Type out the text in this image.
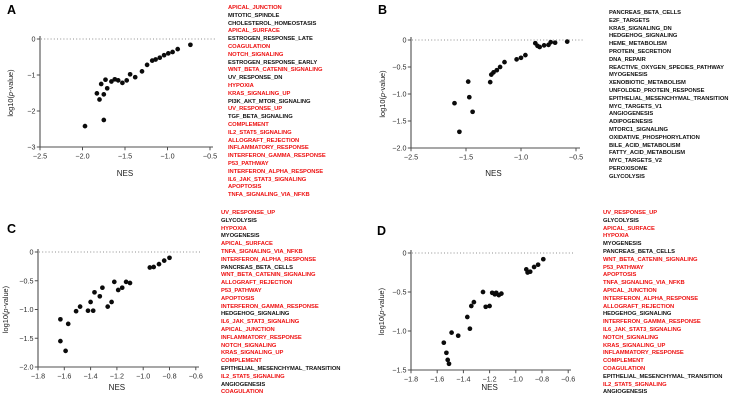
A
−2.5	−2.0	−1.5	−1.0	−0.5
0
−1
−2
−3
NES
log10(p-value)
APICAL_JUNCTION
MITOTIC_SPINDLE
CHOLESTEROL_HOMEOSTASIS
APICAL_SURFACE
ESTROGEN_RESPONSE_LATE
COAGULATION
NOTCH_SIGNALING
ESTROGEN_RESPONSE_EARLY
WNT_BETA_CATENIN_SIGNALING
UV_RESPONSE_DN
HYPOXIA
KRAS_SIGNALING_UP
PI3K_AKT_MTOR_SIGNALING
UV_RESPONSE_UP
TGF_BETA_SIGNALING
COMPLEMENT
IL2_STAT5_SIGNALING
ALLOGRAFT_REJECTION
INFLAMMATORY_RESPONSE
INTERFERON_GAMMA_RESPONSE
P53_PATHWAY
INTERFERON_ALPHA_RESPONSE
IL6_JAK_STAT3_SIGNALING
APOPTOSIS
TNFA_SIGNALING_VIA_NFKB
B
−2.5	−1.5	−1.0	−0.5
0
−0.5
−1.0
−1.5
−2.0
NES
log10(p-value)
PANCREAS_BETA_CELLS
E2F_TARGETS
KRAS_SIGNALING_DN
HEDGEHOG_SIGNALING
HEME_METABOLISM
PROTEIN_SECRETION
DNA_REPAIR
REACTIVE_OXYGEN_SPECIES_PATHWAY
MYOGENESIS
XENOBIOTIC_METABOLISM
UNFOLDED_PROTEIN_RESPONSE
EPITHELIAL_MESENCHYMAL_TRANSITION
MYC_TARGETS_V1
ANGIOGENESIS
ADIPOGENESIS
MTORC1_SIGNALING
OXIDATIVE_PHOSPHORYLATION
BILE_ACID_METABOLISM
FATTY_ACID_METABOLISM
MYC_TARGETS_V2
PEROXISOME
GLYCOLYSIS
C
−1.8 −1.6 −1.4 −1.2 −1.0 −0.8 −0.6
0
−0.5
−1.0
−1.5
−2.0
NES
log10(p-value)
UV_RESPONSE_UP
GLYCOLYSIS
HYPOXIA
MYOGENESIS
APICAL_SURFACE
TNFA_SIGNALING_VIA_NFKB
INTERFERON_ALPHA_RESPONSE
PANCREAS_BETA_CELLS
WNT_BETA_CATENIN_SIGNALING
ALLOGRAFT_REJECTION
P53_PATHWAY
APOPTOSIS
INTERFERON_GAMMA_RESPONSE
HEDGEHOG_SIGNALING
IL6_JAK_STAT3_SIGNALING
APICAL_JUNCTION
INFLAMMATORY_RESPONSE
NOTCH_SIGNALING
KRAS_SIGNALING_UP
COMPLEMENT
EPITHELIAL_MESENCHYMAL_TRANSITION
IL2_STAT5_SIGNALING
ANGIOGENESIS
COAGULATION
D
−1.8 −1.6 −1.4 −1.2 −1.0 −0.8 −0.6
0
−0.5
−1.0
−1.5
NES
log10(p-value)
UV_RESPONSE_UP
GLYCOLYSIS
APICAL_SURFACE
HYPOXIA
MYOGENESIS
PANCREAS_BETA_CELLS
WNT_BETA_CATENIN_SIGNALING
P53_PATHWAY
APOPTOSIS
TNFA_SIGNALING_VIA_NFKB
APICAL_JUNCTION
INTERFERON_ALPHA_RESPONSE
ALLOGRAFT_REJECTION
HEDGEHOG_SIGNALING
INTERFERON_GAMMA_RESPONSE
IL6_JAK_STAT3_SIGNALING
NOTCH_SIGNALING
KRAS_SIGNALING_UP
INFLAMMATORY_RESPONSE
COMPLEMENT
COAGULATION
EPITHELIAL_MESENCHYMAL_TRANSITION
IL2_STAT5_SIGNALING
ANGIOGENESIS
